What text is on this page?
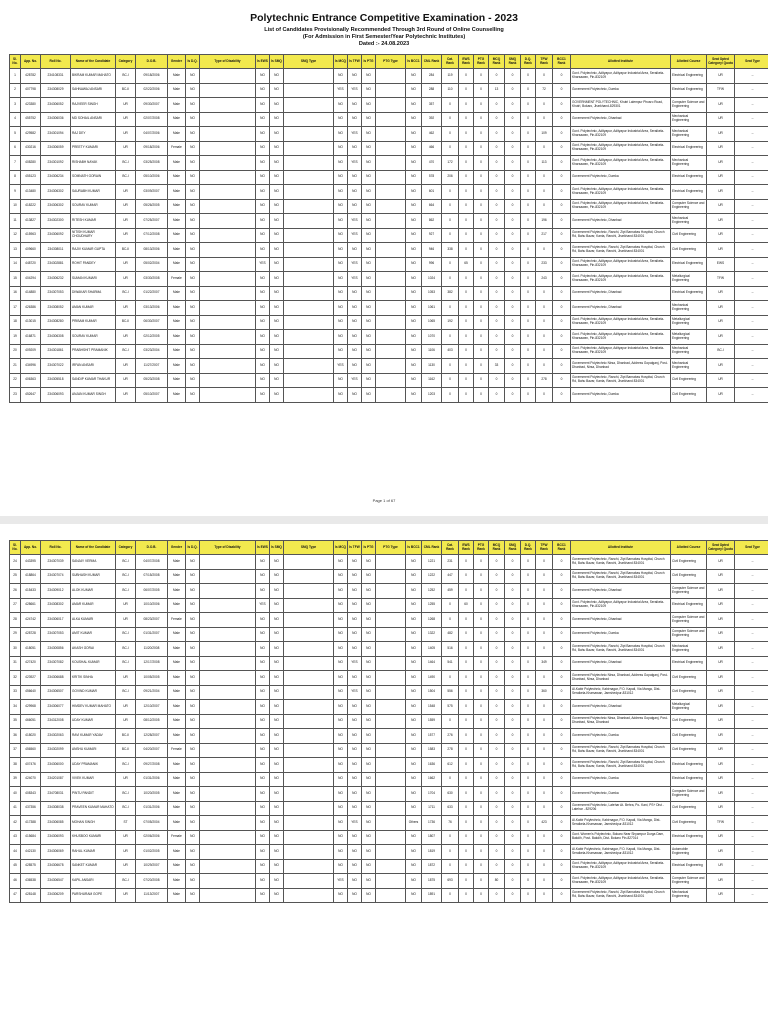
Polytechnic Entrance Competitive Examination - 2023
List of Candidates Provisionally Recommended Through 3rd Round of Online Counselling
(For Admission in First Semester/Year Polytechnic Institutes)
Dated :- 24.08.2023
Sl. No.	App. No.	Roll No.	Name of the Candidate	Category	D.O.B.	Gender	Is D.Q.	Type of Disability	Is EWS	Is SMQ	SMQ Type	Is MCQ	Is TFW	Is PTG	PTG Type	Is BCC1	CML Rank	Cat. Rank	EWS Rank	PTG Rank	MCQ Rank	SMQ Rank	D.Q. Rank	TFW Rank	BCC1 Rank	Allotted Institute	Allotted Course	Seat Opted Category/ Quota	Seat Type
1	428782	234108331	BIKRAM KUMAR MAHATO	BC-I	09/18/2006	Male	NO		NO	NO		NO	NO	NO		NO	284	119	0	0	0	0	0	0	0	Govt. Polytechnic, Adityapur, Adityapur Industrial Area, Seraikela-Kharsawan, Pin-832109	Electrical Engineering	UR	--
2	407798	234308029	SAHNAWAJ ANSARI	BC-II	02/22/2006	Male	NO		NO	NO		YES	YES	NO		NO	288	110	0	0	13	0	0	72	0	Government Polytechnic, Dumka	Electrical Engineering	TFW	--
3	423380	234306052	RAJVEER SINGH	UR	09/30/2007	Male	NO		NO	NO		NO	NO	NO		NO	357	0	0	0	0	0	0	0	0	GOVERNMENT POLYTECHNIC, Khutri Lalempur Phusro Road, Khutri, Bokaro, Jharkhand-829301	Computer Science and Engineering	UR	--
4	455752	234306036	MD SOHAIL ANSARI	UR	02/07/2008	Male	NO		NO	NO		NO	NO	NO		NO	392	0	0	0	0	0	0	0	0	Government Polytechnic, Dhanbad	Mechanical Engineering	UR	--
5	429582	234301094	RAJ DEY	UR	04/07/2006	Male	NO		NO	NO		NO	YES	NO		NO	462	0	0	0	0	0	0	109	0	Govt. Polytechnic, Adityapur, Adityapur Industrial Area, Seraikela-Kharsawan, Pin-832109	Mechanical Engineering	UR	--
6	430216	234306059	PREETY KUMARI	UR	09/18/2006	Female	NO		NO	NO		NO	NO	NO		NO	466	0	0	0	0	0	0	0	0	Govt. Polytechnic, Adityapur, Adityapur Industrial Area, Seraikela-Kharsawan, Pin-832109	Electrical Engineering	UR	--
7	408280	234301092	RISHABH NAYAK	BC-I	03/25/2008	Male	NO		NO	NO		NO	YES	NO		NO	470	172	0	0	0	0	0	113	0	Govt. Polytechnic, Adityapur, Adityapur Industrial Area, Seraikela-Kharsawan, Pin-832109	Mechanical Engineering	UR	--
8	455123	234306234	SOMNATH GORAIN	BC-I	05/10/2006	Male	NO		NO	NO		NO	NO	NO		NO	578	206	0	0	0	0	0	0	0	Government Polytechnic, Dumka	Electrical Engineering	UR	--
9	413480	234306302	SAURABH KUMAR	UR	03/09/2007	Male	NO		NO	NO		NO	NO	NO		NO	601	0	0	0	0	0	0	0	0	Govt. Polytechnic, Adityapur, Adityapur Industrial Area, Seraikela-Kharsawan, Pin-832109	Electrical Engineering	UR	--
10	418222	234306302	SOURAV KUMAR	UR	05/26/2005	Male	NO		NO	NO		NO	NO	NO		NO	664	0	0	0	0	0	0	0	0	Govt. Polytechnic, Adityapur, Adityapur Industrial Area, Seraikela-Kharsawan, Pin-832109	Computer Science and Engineering	UR	--
11	413827	234302300	RITESH KUMAR	UR	07/25/2007	Male	NO		NO	NO		NO	YES	NO		NO	862	0	0	0	0	0	0	196	0	Government Polytechnic, Dhanbad	Mechanical Engineering	UR	--
12	415963	234306092	NITISH KUMAR CHOUDHARY	UR	07/12/2008	Male	NO		NO	NO		NO	YES	NO		NO	927	0	0	0	0	0	0	217	0	Government Polytechnic, Ranchi, Zipt Barnabas Hospital, Church Rd, Bahu Bazar, Kanta, Ranchi, Jharkhand 834001	Civil Engineering	UR	--
13	409660	234308011	RAJIV KUMAR GUPTA	BC-II	08/13/2006	Male	NO		NO	NO		NO	NO	NO		NO	946	338	0	0	0	0	0	0	0	Government Polytechnic, Ranchi, Zipt Barnabas Hospital, Church Rd, Bahu Bazar, Kanta, Ranchi, Jharkhand 834001	Civil Engineering	UR	--
14	448720	234302881	ROHIT PANDEY	UR	05/02/2004	Male	NO		YES	NO		NO	YES	NO		NO	996	0	65	0	0	0	0	233	0	Govt. Polytechnic, Adityapur, Adityapur Industrial Area, Seraikela-Kharsawan, Pin-832109	Electrical Engineering	EWS	--
15	404294	234306232	SUMAN KUMARI	UR	03/30/2008	Female	NO		NO	NO		NO	YES	NO		NO	1024	0	0	0	0	0	0	243	0	Govt. Polytechnic, Adityapur, Adityapur Industrial Area, Seraikela-Kharsawan, Pin-832109	Metallurgical Engineering	TFW	--
16	414880	234307053	DIWAKAR SHARMA	BC-I	01/22/2007	Male	NO		NO	NO		NO	NO	NO		NO	1053	382	0	0	0	0	0	0	0	Government Polytechnic, Dhanbad	Electrical Engineering	UR	--
17	426386	234308052	AMAN KUMAR	UR	03/13/2006	Male	NO		NO	NO		NO	NO	NO		NO	1061	0	0	0	0	0	0	0	0	Government Polytechnic, Dhanbad	Mechanical Engineering	UR	--
18	413015	234308280	PRIBAM KUMAR	BC-II	06/30/2007	Male	NO		NO	NO		NO	NO	NO		NO	1065	192	0	0	0	0	0	0	0	Govt. Polytechnic, Adityapur, Adityapur Industrial Area, Seraikela-Kharsawan, Pin-832109	Metallurgical Engineering	UR	--
19	416871	234306308	SOURAV KUMAR	UR	02/12/2005	Male	NO		NO	NO		NO	NO	NO		NO	1070	0	0	0	0	0	0	0	0	Govt. Polytechnic, Adityapur, Adityapur Industrial Area, Seraikela-Kharsawan, Pin-832109	Metallurgical Engineering	UR	--
20	409209	234301861	PRABHSHIT PRAMANIK	BC-I	03/23/2004	Male	NO		NO	NO		NO	NO	NO		NO	1106	403	0	0	0	0	0	0	0	Govt. Polytechnic, Adityapur, Adityapur Industrial Area, Seraikela-Kharsawan, Pin-832109	Mechanical Engineering	BC-I	--
21	434996	234307022	IRFAN ANSARI	UR	11/27/2007	Male	NO		NO	NO		YES	NO	NO		NO	1130	0	0	0	33	0	0	0	0	Government Polytechnic Nirsa, Dhanbad, Address Gopalganj, Post- Dhanbad, Nirsa, Dhanbad	Mechanical Engineering	UR	--
22	406363	234305518	SANDIP KUMAR THAKUR	UR	05/23/2008	Male	NO		NO	NO		NO	YES	NO		NO	1162	0	0	0	0	0	0	278	0	Government Polytechnic, Ranchi, Zipt Barnabas Hospital, Church Rd, Bahu Bazar, Kanta, Ranchi, Jharkhand 834001	Civil Engineering	UR	--
23	452647	234306093	ANJAN KUMAR SINGH	UR	05/10/2007	Male	NO		NO	NO		NO	NO	NO		NO	1203	0	0	0	0	0	0	0	0	Government Polytechnic, Dumka	Civil Engineering	UR	--
Page 1 of 67
Sl. No.	App. No.	Roll No.	Name of the Candidate	Category	D.O.B.	Gender	Is D.Q.	Type of Disability	Is EWS	Is SMQ	SMQ Type	Is MCQ	Is TFW	Is PTG	PTG Type	Is BCC1	CML Rank	Cat. Rank	EWS Rank	PTG Rank	MCQ Rank	SMQ Rank	D.Q. Rank	TFW Rank	BCC1 Rank	Allotted Institute	Allotted Course	Seat Opted Category/ Quota	Seat Type
24	443395	234307039	SANJAY VERMA	BC-I	04/07/2008	Male	NO		NO	NO		NO	NO	NO		NO	1221	231	0	0	0	0	0	0	0	Government Polytechnic, Ranchi, Zipt Barnabas Hospital, Church Rd, Bahu Bazar, Kanta, Ranchi, Jharkhand 834001	Civil Engineering	UR	--
25	418864	234307074	SUBHASH KUMAR	BC-I	07/15/2008	Male	NO		NO	NO		NO	NO	NO		NO	1222	447	0	0	0	0	0	0	0	Government Polytechnic, Ranchi, Zipt Barnabas Hospital, Church Rd, Bahu Bazar, Kanta, Ranchi, Jharkhand 834001	Civil Engineering	UR	--
26	415433	234309012	ALOK KUMAR	BC-I	06/07/2005	Male	NO		NO	NO		NO	NO	NO		NO	1252	459	0	0	0	0	0	0	0	Government Polytechnic, Dhanbad	Computer Science and Engineering	UR	--
27	428661	234308302	AMAR KUMAR	UR	10/10/2006	Male	NO		YES	NO		NO	NO	NO		NO	1255	0	60	0	0	0	0	0	0	Govt. Polytechnic, Adityapur, Adityapur Industrial Area, Seraikela-Kharsawan, Pin-832109	Electrical Engineering	UR	--
28	424742	234306017	ALKA KUMARI	UR	08/23/2007	Female	NO		NO	NO		NO	NO	NO		NO	1268	0	0	0	0	0	0	0	0	Government Polytechnic, Dhanbad	Computer Science and Engineering	UR	--
29	428728	234307053	AMIT KUMAR	BC-I	01/31/2007	Male	NO		NO	NO		NO	NO	NO		NO	1322	482	0	0	0	0	0	0	0	Government Polytechnic, Dumka	Computer Science and Engineering	UR	--
30	418051	234300856	AKASH GORAI	BC-I	11/20/2008	Male	NO		NO	NO		NO	NO	NO		NO	1405	516	0	0	0	0	0	0	0	Government Polytechnic, Ranchi, Zipt Barnabas Hospital, Church Rd, Bahu Bazar, Kanta, Ranchi, Jharkhand 834001	Mechanical Engineering	UR	--
31	427420	234307082	KOUSHAL KUMAR	BC-I	12/17/2008	Male	NO		NO	NO		NO	YES	NO		NO	1464	541	0	0	0	0	0	349	0	Government Polytechnic, Dhanbad	Electrical Engineering	UR	--
32	423927	234306688	KRITIK SINHA	UR	10/05/2005	Male	NO		NO	NO		NO	NO	NO		NO	1490	0	0	0	0	0	0	0	0	Government Polytechnic Nirsa, Dhanbad, Address Gopalganj, Post- Dhanbad, Nirsa, Dhanbad	Civil Engineering	UR	--
33	456640	234306507	GOVIND KUMAR	BC-I	09/21/2004	Male	NO		NO	NO		NO	YES	NO		NO	1504	556	0	0	0	0	0	360	0	Al-Kabir Polytechnic, Kabirnagar, P.O. Kapali, Via Mango, Dist- Seraikela-Kharsawan, Jamshedpur-831012	Civil Engineering	UR	--
34	429968	234306077	HIMDEV KUMAR MAHATO	UR	12/10/2007	Male	NO		NO	NO		NO	NO	NO		NO	1548	575	0	0	0	0	0	0	0	Government Polytechnic, Dhanbad	Metallurgical Engineering	UR	--
35	466051	234312008	UDAY KUMAR	UR	08/12/2005	Male	NO		NO	NO		NO	NO	NO		NO	1559	0	0	0	0	0	0	0	0	Government Polytechnic Nirsa, Dhanbad, Address Gopalganj, Post- Dhanbad, Nirsa, Dhanbad	Civil Engineering	UR	--
36	418020	234302063	RAVI KUMAR YADAV	BC-II	12/28/2007	Male	NO		NO	NO		NO	NO	NO		NO	1577	276	0	0	0	0	0	0	0	Government Polytechnic, Dumka	Civil Engineering	UR	--
37	456560	234302099	ANSHU KUMARI	BC-II	04/20/2007	Female	NO		NO	NO		NO	NO	NO		NO	1583	278	0	0	0	0	0	0	0	Government Polytechnic, Ranchi, Zipt Barnabas Hospital, Church Rd, Bahu Bazar, Kanta, Ranchi, Jharkhand 834001	Civil Engineering	UR	--
38	407476	234306000	UDAY PRAMANIK	BC-I	09/27/2008	Male	NO		NO	NO		NO	NO	NO		NO	1636	612	0	0	0	0	0	0	0	Government Polytechnic, Ranchi, Zipt Barnabas Hospital, Church Rd, Bahu Bazar, Kanta, Ranchi, Jharkhand 834001	Electrical Engineering	UR	--
39	424070	234201087	VIVEK KUMAR	UR	01/31/2006	Male	NO		NO	NO		NO	NO	NO		NO	1662	0	0	0	0	0	0	0	0	Government Polytechnic, Dumka	Electrical Engineering	UR	--
40	408343	234708031	PINTU PANDIT	BC-I	10/20/2005	Male	NO		NO	NO		NO	NO	NO		NO	1704	630	0	0	0	0	0	0	0	Government Polytechnic, Dumka	Computer Science and Engineering	UR	--
41	437356	234308038	PRAVEEN KUMAR MAHATO	BC-I	01/31/2006	Male	NO		NO	NO		NO	NO	NO		NO	1711	633	0	0	0	0	0	0	0	Government Polytechnic, Latehar At- Behra, Po- Kani, PS+ Dist - Latehar - 829206	Civil Engineering	UR	--
42	417388	234306085	MOHAN SINGH	ST	07/05/2004	Male	NO		NO	NO		NO	YES	NO		Others	1736	76	0	0	0	0	0	423	0	Al-Kabir Polytechnic, Kabirnagar, P.O. Kapali, Via Mango, Dist- Seraikela-Kharsawan, Jamshedpur-831012	Civil Engineering	TFW	--
43	415684	234306093	KHUSBOO KUMARI	UR	02/06/2006	Female	NO		NO	NO		NO	NO	NO		NO	1807	0	0	0	0	0	0	0	0	Govt. Women's Polytechnic, Bokaro Near Shyampur Durga Dam, Bakdih, Post- Bakdih, Dist- Bokaro Pin-827014	Electrical Engineering	UR	--
44	442130	234306069	RAHUL KUMAR	UR	01/02/2005	Male	NO		NO	NO		NO	NO	NO		NO	1819	0	0	0	0	0	0	0	0	Al-Kabir Polytechnic, Kabirnagar, P.O. Kapali, Via Mango, Dist- Seraikela-Kharsawan, Jamshedpur-831012	Automobile Engineering	UR	--
45	428575	234306678	SANKET KUMAR	UR	10/29/2007	Male	NO		NO	NO		NO	NO	NO		NO	1872	0	0	0	0	0	0	0	0	Govt. Polytechnic, Adityapur, Adityapur Industrial Area, Seraikela-Kharsawan, Pin-832109	Electrical Engineering	UR	--
46	436538	234306547	KAPIL ANSARI	BC-I	07/20/2008	Male	NO		NO	NO		YES	NO	NO		NO	1875	693	0	0	80	0	0	0	0	Govt. Polytechnic, Adityapur, Adityapur Industrial Area, Seraikela-Kharsawan, Pin-832109	Computer Science and Engineering	UR	--
47	428148	234306209	PARSHURAM GOPE	UR	11/13/2007	Male	NO		NO	NO		NO	NO	NO		NO	1891	0	0	0	0	0	0	0	0	Government Polytechnic, Ranchi, Zipt Barnabas Hospital, Church Rd, Bahu Bazar, Kanta, Ranchi, Jharkhand 834001	Mechanical Engineering	UR	--
